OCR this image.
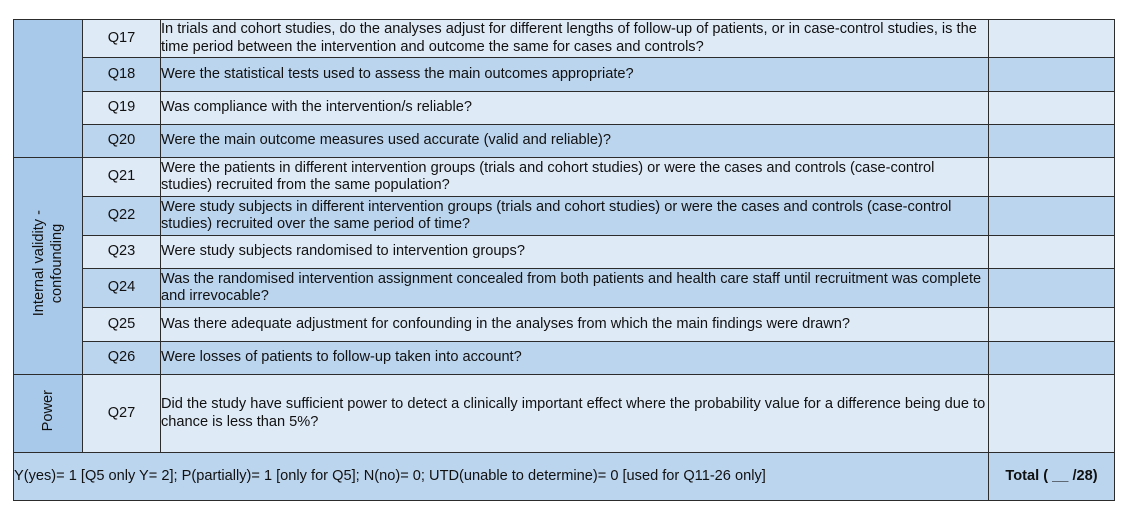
	Q17	In trials and cohort studies, do the analyses adjust for different lengths of follow-up of patients, or in case-control studies, is the time period between the intervention and outcome the same for cases and controls?	
	Q18	Were the statistical tests used to assess the main outcomes appropriate?	
	Q19	Was compliance with the intervention/s reliable?	
	Q20	Were the main outcome measures used accurate (valid and reliable)?	

Internal validity - confounding	Q21	Were the patients in different intervention groups (trials and cohort studies) or were the cases and controls (case-control studies) recruited from the same population?	
	Q22	Were study subjects in different intervention groups (trials and cohort studies) or were the cases and controls (case-control studies) recruited over the same period of time?	
	Q23	Were study subjects randomised to intervention groups?	
	Q24	Was the randomised intervention assignment concealed from both patients and health care staff until recruitment was complete and irrevocable?	
	Q25	Was there adequate adjustment for confounding in the analyses from which the main findings were drawn?	
	Q26	Were losses of patients to follow-up taken into account?	
Power	Q27	Did the study have sufficient power to detect a clinically important effect where the probability value for a difference being due to chance is less than 5%?	
Y(yes)= 1 [Q5 only Y= 2]; P(partially)= 1 [only for Q5]; N(no)= 0; UTD(unable to determine)= 0 [used for Q11-26 only]			Total ( __ /28)
